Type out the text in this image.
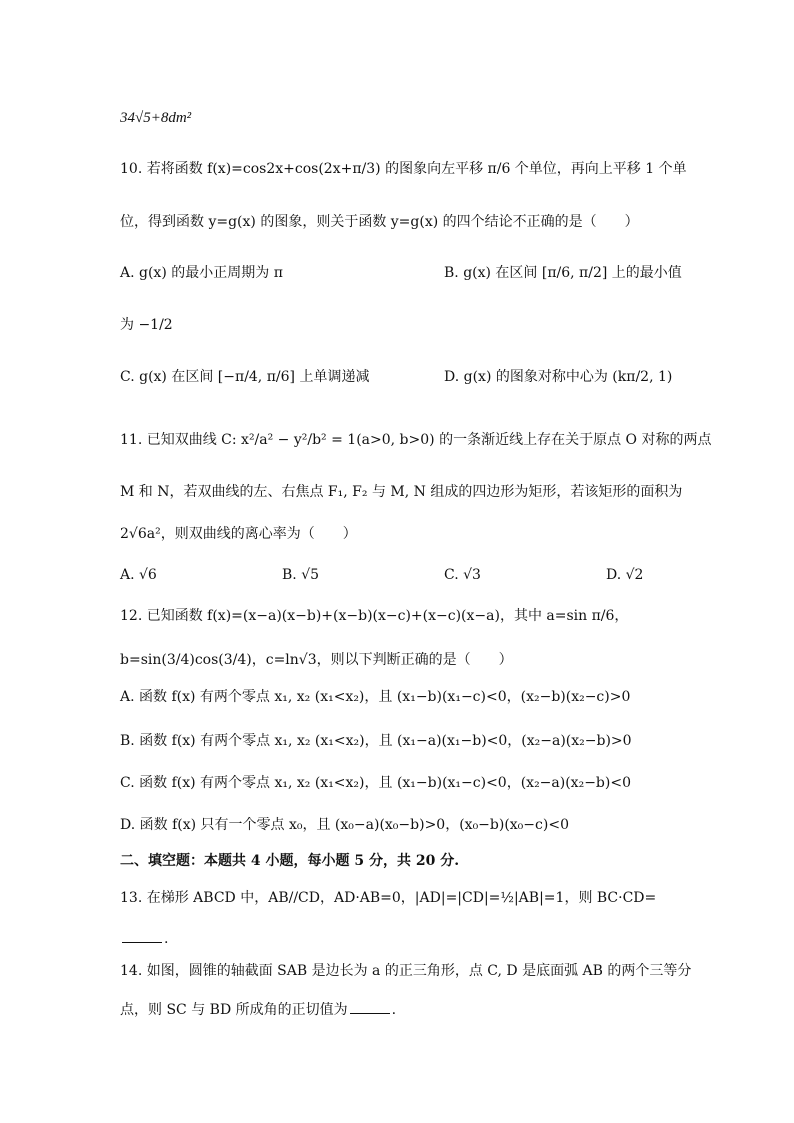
34√5+8dm²
10. 若将函数 f(x)=cos2x+cos(2x+π/3) 的图象向左平移 π/6 个单位，再向上平移 1 个单
位，得到函数 y=g(x) 的图象，则关于函数 y=g(x) 的四个结论不正确的是（　　）
A. g(x) 的最小正周期为 π	B. g(x) 在区间 [π/6, π/2] 上的最小值
为 −1/2
C. g(x) 在区间 [−π/4, π/6] 上单调递减	D. g(x) 的图象对称中心为 (kπ/2, 1)
11. 已知双曲线 C: x²/a² − y²/b² = 1(a>0, b>0) 的一条渐近线上存在关于原点 O 对称的两点
M 和 N，若双曲线的左、右焦点 F₁, F₂ 与 M, N 组成的四边形为矩形，若该矩形的面积为
2√6a²，则双曲线的离心率为（　　）
A. √6	B. √5	C. √3	D. √2
12. 已知函数 f(x)=(x−a)(x−b)+(x−b)(x−c)+(x−c)(x−a)，其中 a=sin π/6，
b=sin(3/4)cos(3/4)，c=ln√3，则以下判断正确的是（　　）
A. 函数 f(x) 有两个零点 x₁, x₂ (x₁<x₂)，且 (x₁−b)(x₁−c)<0，(x₂−b)(x₂−c)>0
B. 函数 f(x) 有两个零点 x₁, x₂ (x₁<x₂)，且 (x₁−a)(x₁−b)<0，(x₂−a)(x₂−b)>0
C. 函数 f(x) 有两个零点 x₁, x₂ (x₁<x₂)，且 (x₁−b)(x₁−c)<0，(x₂−a)(x₂−b)<0
D. 函数 f(x) 只有一个零点 x₀，且 (x₀−a)(x₀−b)>0，(x₀−b)(x₀−c)<0
二、填空题：本题共 4 小题，每小题 5 分，共 20 分.
13. 在梯形 ABCD 中，AB//CD，AD·AB=0，|AD|=|CD|=½|AB|=1，则 BC·CD=
.
14. 如图，圆锥的轴截面 SAB 是边长为 a 的正三角形，点 C, D 是底面弧 AB 的两个三等分
点，则 SC 与 BD 所成角的正切值为	.
